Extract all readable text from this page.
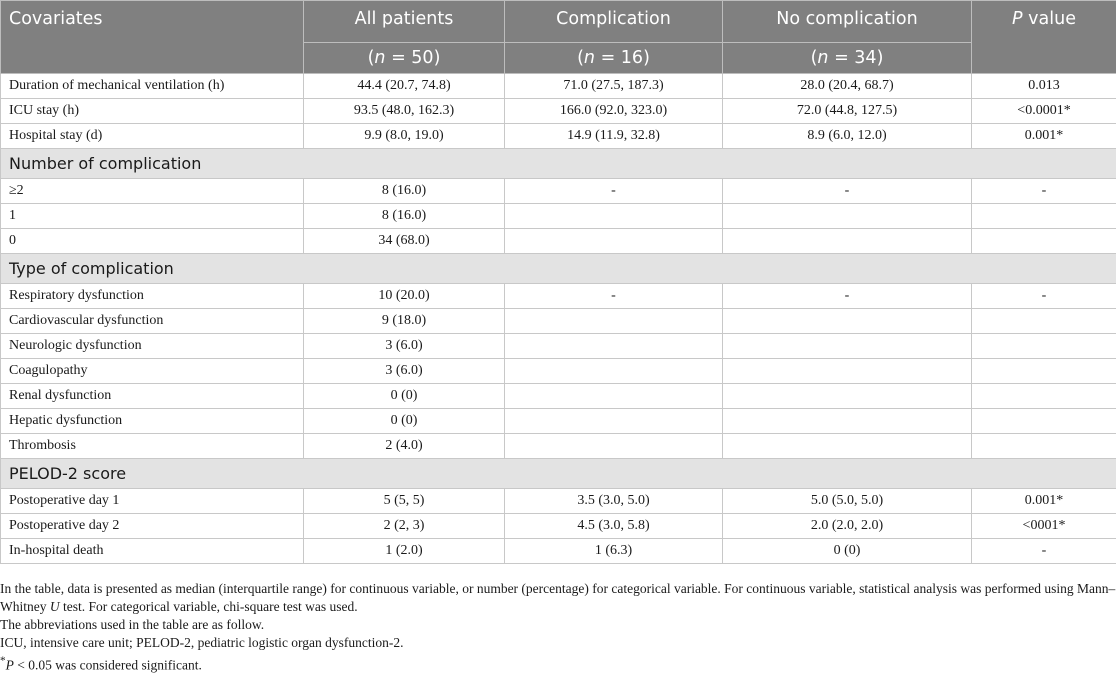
Covariates	All patients	Complication	No complication	P value
	(n = 50)	(n = 16)	(n = 34)	
Duration of mechanical ventilation (h)	44.4 (20.7, 74.8)	71.0 (27.5, 187.3)	28.0 (20.4, 68.7)	0.013
ICU stay (h)	93.5 (48.0, 162.3)	166.0 (92.0, 323.0)	72.0 (44.8, 127.5)	<0.0001*
Hospital stay (d)	9.9 (8.0, 19.0)	14.9 (11.9, 32.8)	8.9 (6.0, 12.0)	0.001*
Number of complication				
≥2	8 (16.0)	-	-	-
1	8 (16.0)			
0	34 (68.0)			
Type of complication				
Respiratory dysfunction	10 (20.0)	-	-	-
Cardiovascular dysfunction	9 (18.0)			
Neurologic dysfunction	3 (6.0)			
Coagulopathy	3 (6.0)			
Renal dysfunction	0 (0)			
Hepatic dysfunction	0 (0)			
Thrombosis	2 (4.0)			
PELOD-2 score				
Postoperative day 1	5 (5, 5)	3.5 (3.0, 5.0)	5.0 (5.0, 5.0)	0.001*
Postoperative day 2	2 (2, 3)	4.5 (3.0, 5.8)	2.0 (2.0, 2.0)	<0001*
In-hospital death	1 (2.0)	1 (6.3)	0 (0)	-

In the table, data is presented as median (interquartile range) for continuous variable, or number (percentage) for categorical variable. For continuous variable, statistical analysis was performed using Mann–Whitney U test. For categorical variable, chi-square test was used.

The abbreviations used in the table are as follow.

ICU, intensive care unit; PELOD-2, pediatric logistic organ dysfunction-2.

*P < 0.05 was considered significant.
